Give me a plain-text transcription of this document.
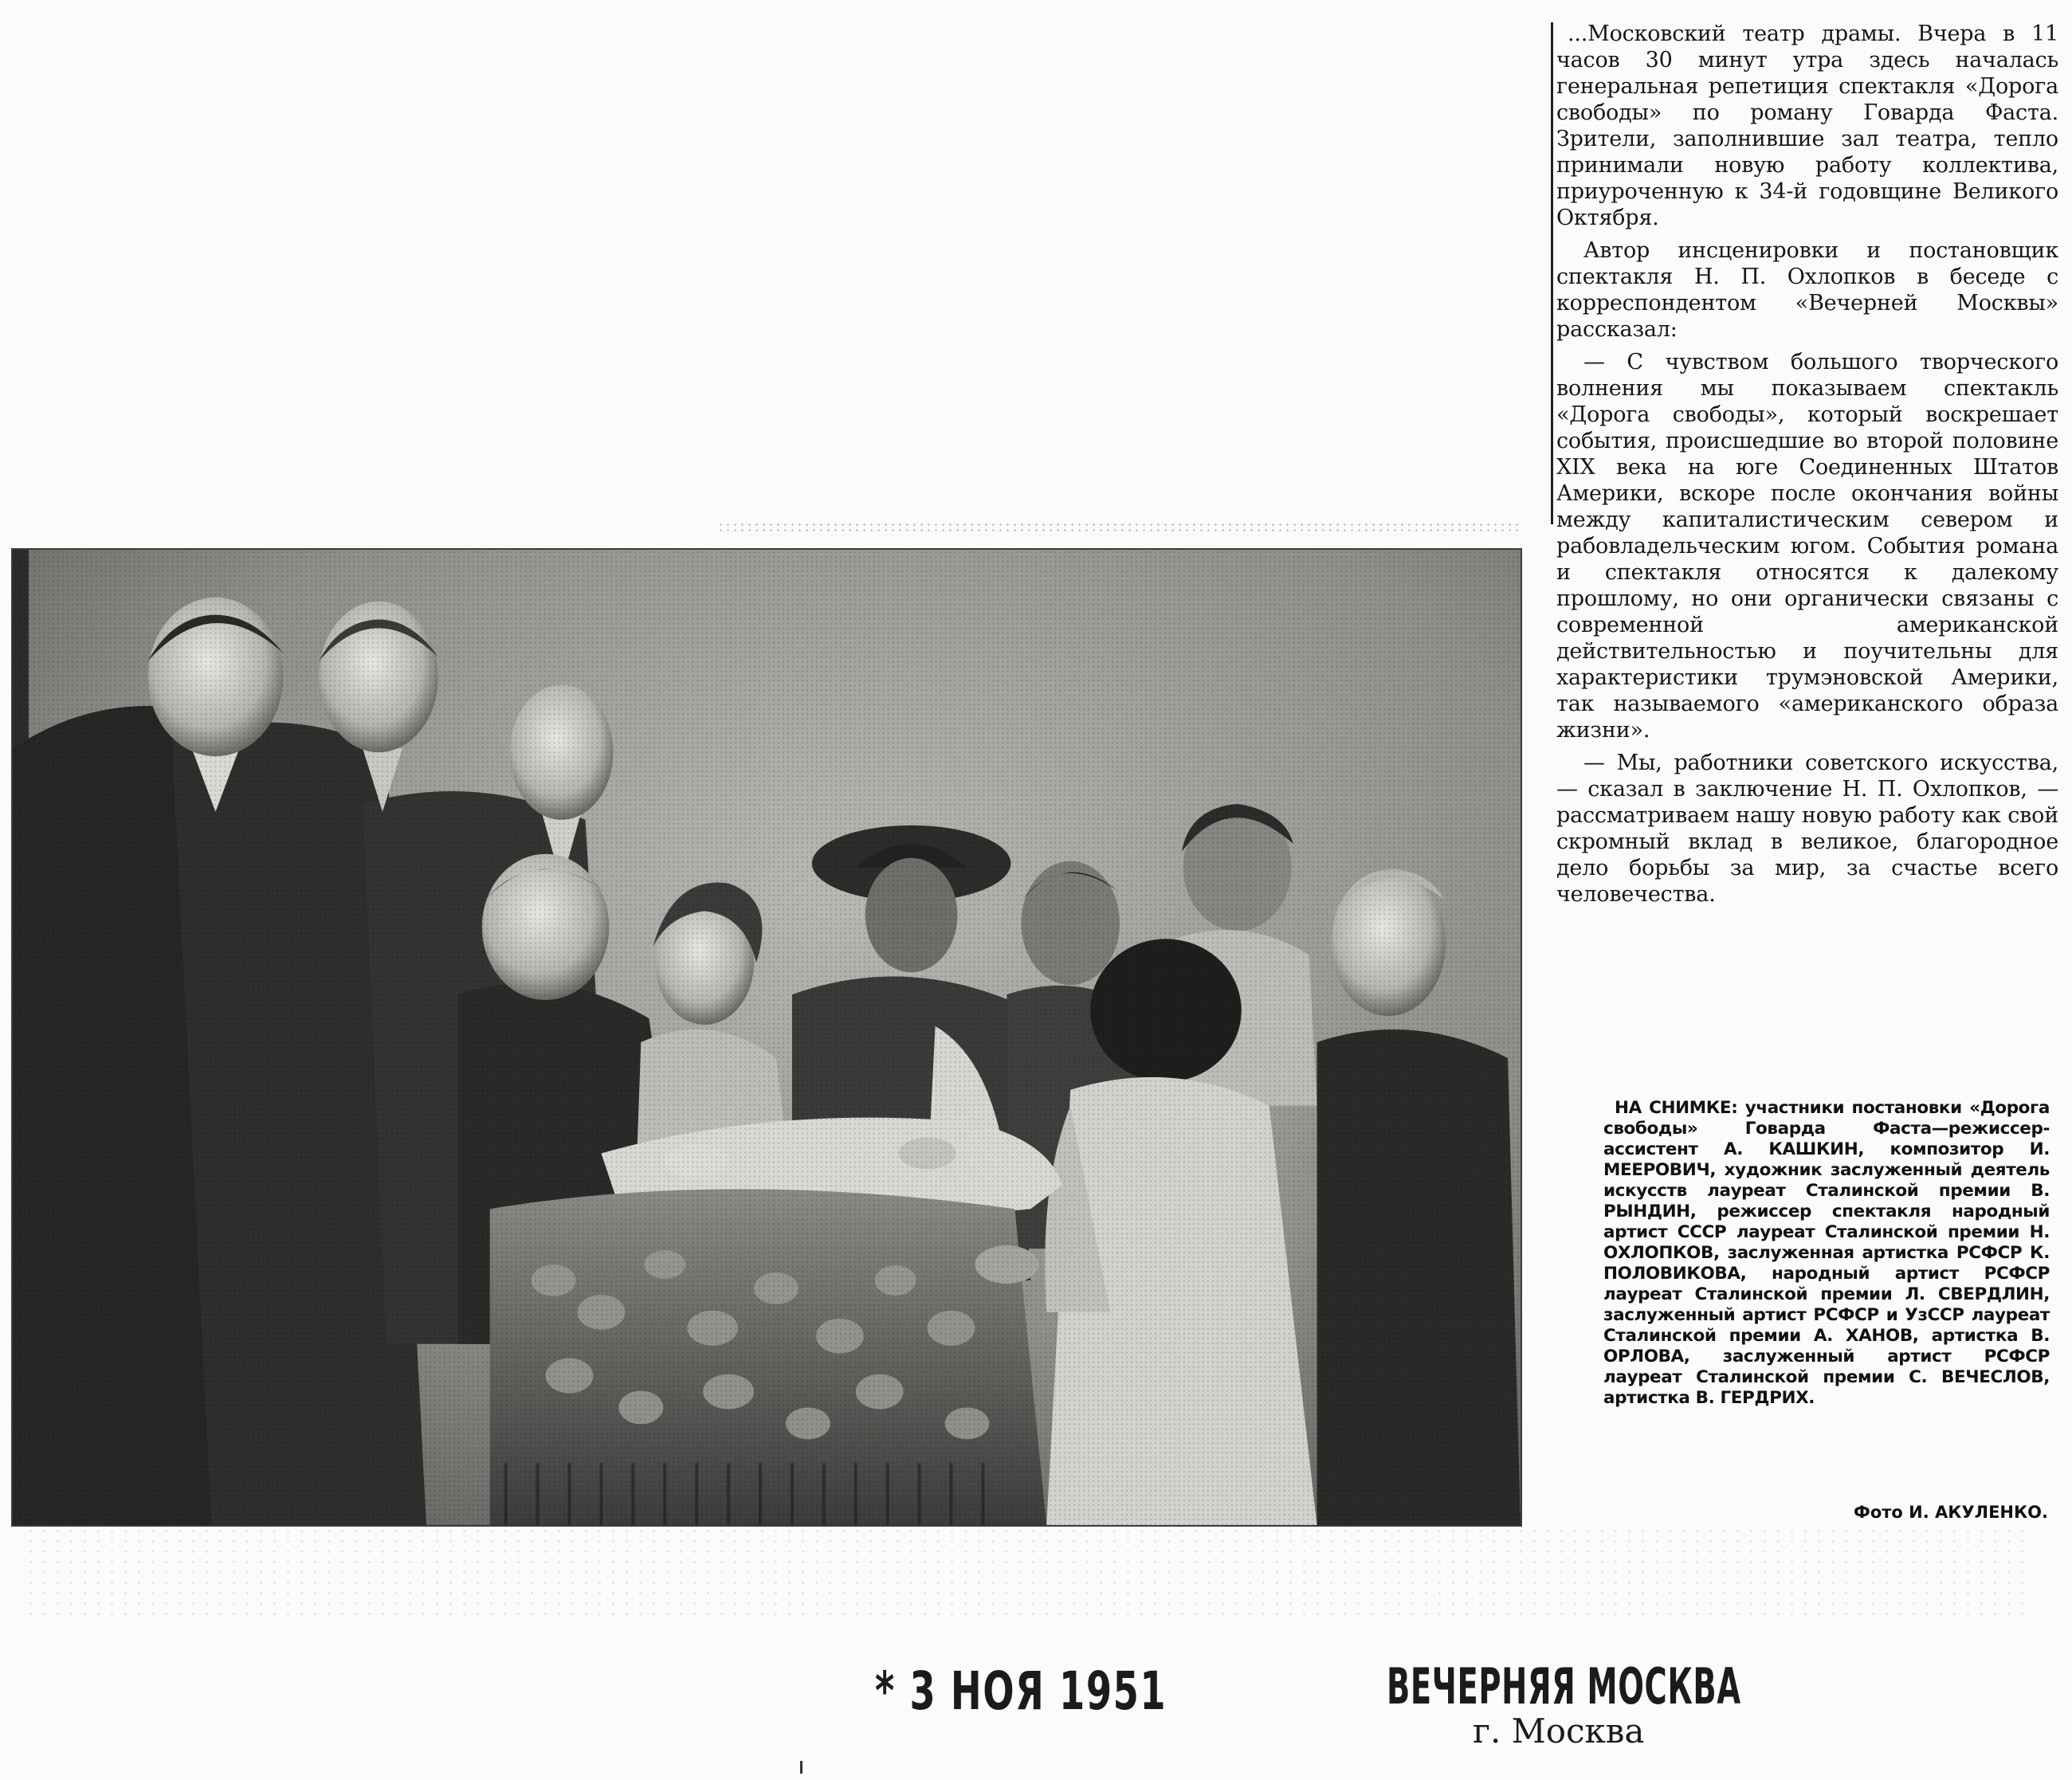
...Московский театр драмы. Вчера в 11 часов 30 минут утра здесь началась генеральная репетиция спектакля «Дорога свободы» по роману Говарда Фаста. Зрители, заполнившие зал театра, тепло принимали новую работу коллектива, приуроченную к 34-й годовщине Великого Октября.

Автор инсценировки и постановщик спектакля Н. П. Охлопков в беседе с корреспондентом «Вечерней Москвы» рассказал:

— С чувством большого творческого волнения мы показываем спектакль «Дорога свободы», который воскрешает события, происшедшие во второй половине XIX века на юге Соединенных Штатов Америки, вскоре после окончания войны между капиталистическим севером и рабовладельческим югом. События романа и спектакля относятся к далекому прошлому, но они органически связаны с современной американской действительностью и поучительны для характеристики трумэновской Америки, так называемого «американского образа жизни».

— Мы, работники советского искусства, — сказал в заключение Н. П. Охлопков, — рассматриваем нашу новую работу как свой скромный вклад в великое, благородное дело борьбы за мир, за счастье всего человечества.

НА СНИМКЕ: участники постановки «Дорога свободы» Говарда Фаста—режиссер-ассистент А. КАШКИН, композитор И. МЕЕРОВИЧ, художник заслуженный деятель искусств лауреат Сталинской премии В. РЫНДИН, режиссер спектакля народный артист СССР лауреат Сталинской премии Н. ОХЛОПКОВ, заслуженная артистка РСФСР К. ПОЛОВИКОВА, народный артист РСФСР лауреат Сталинской премии Л. СВЕРДЛИН, заслуженный артист РСФСР и УзССР лауреат Сталинской премии А. ХАНОВ, артистка В. ОРЛОВА, заслуженный артист РСФСР лауреат Сталинской премии С. ВЕЧЕСЛОВ, артистка В. ГЕРДРИХ.
Фото И. АКУЛЕНКО.
* 3 НОЯ 1951	ВЕЧЕРНЯЯ МОСКВА
г. Москва
